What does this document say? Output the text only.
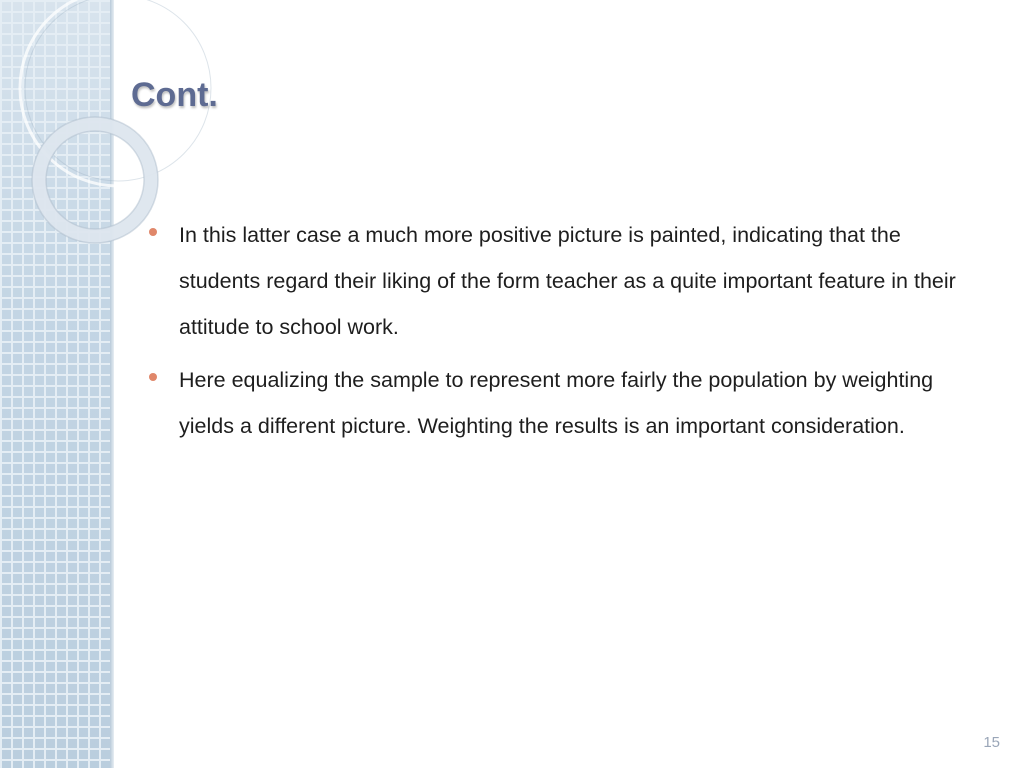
Cont.
In this latter case a much more positive picture is painted, indicating that the students regard their liking of the form teacher as a quite important feature in their attitude to school work.
Here equalizing the sample to represent more fairly the population by weighting yields a different picture. Weighting the results is an important consideration.
15
